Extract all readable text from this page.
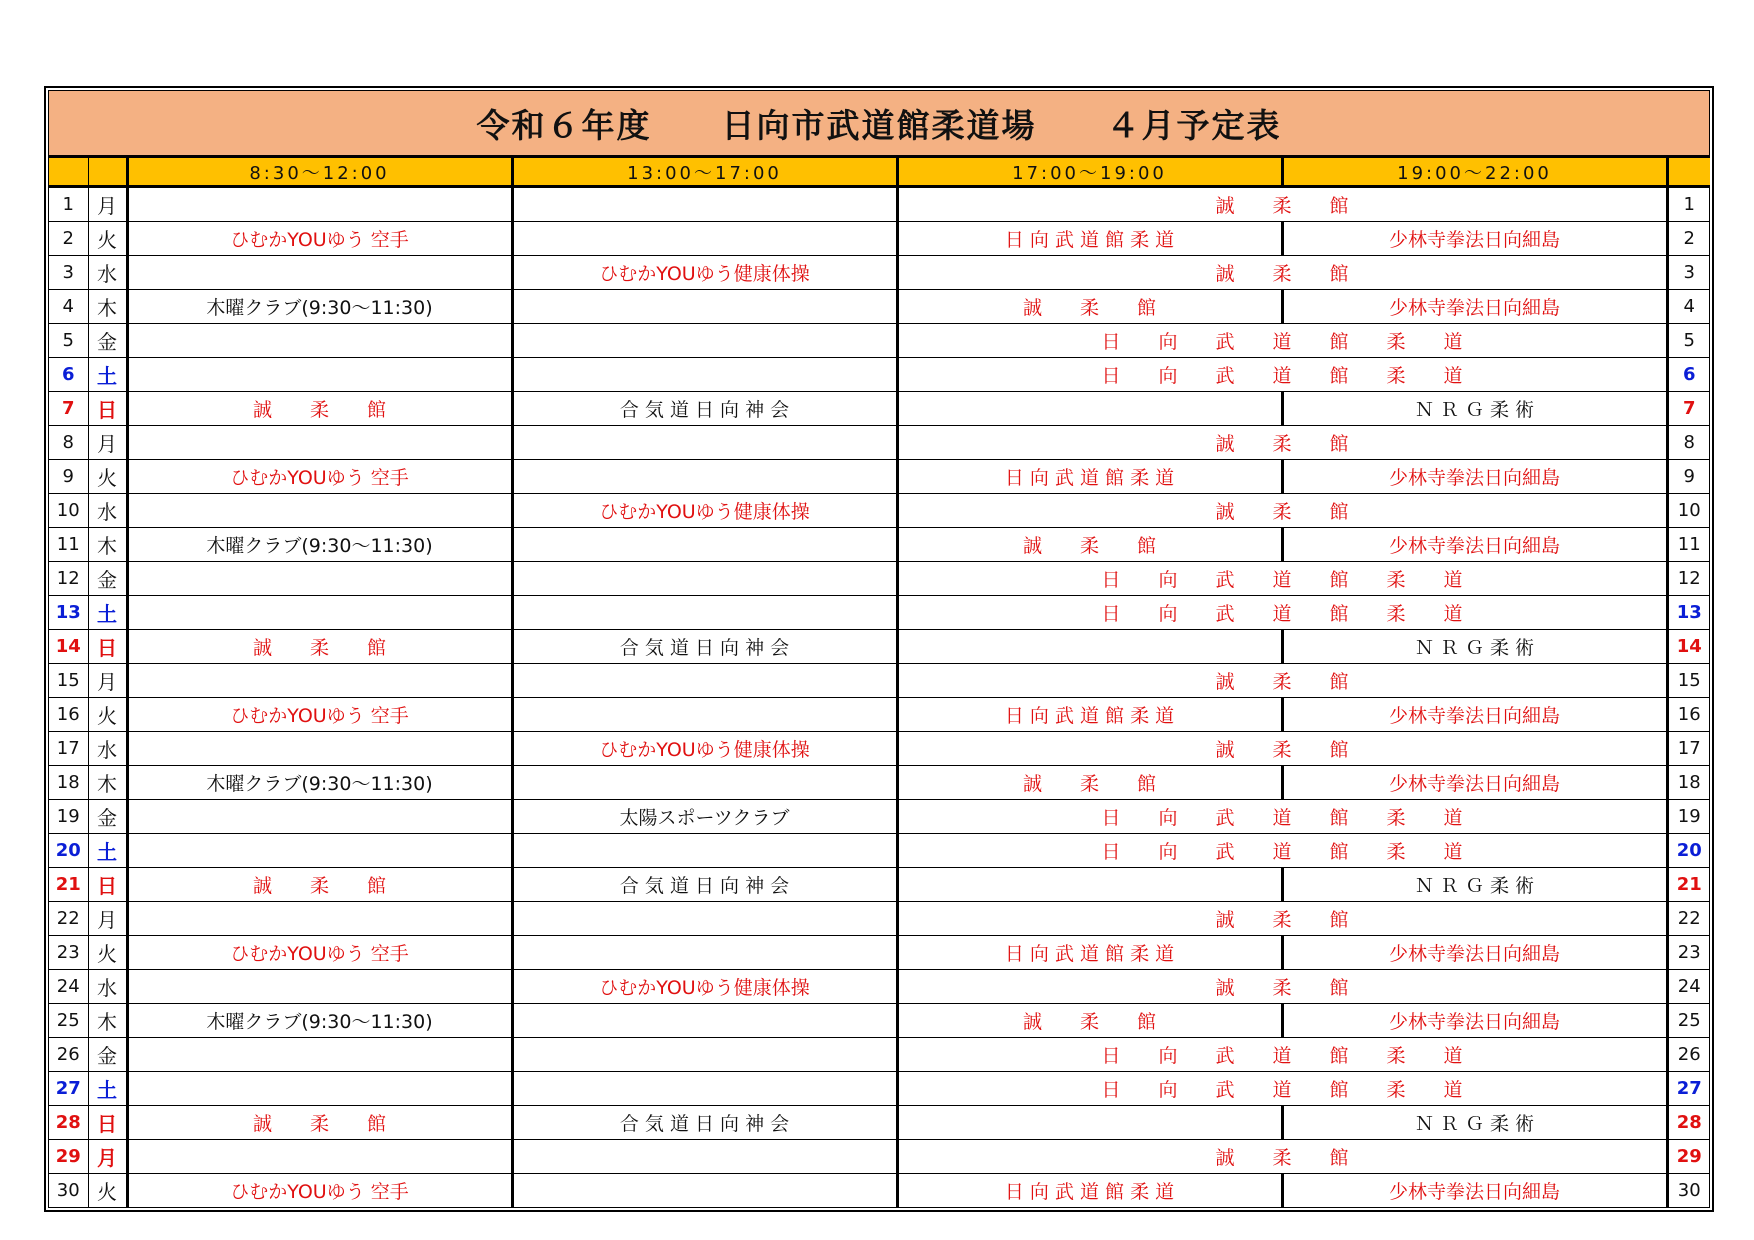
令和６年度　　日向市武道館柔道場　　４月予定表
		8:30～12:00	13:00～17:00	17:00～19:00	19:00～22:00	
1	月			誠　　柔　　館		1
2	火	ひむかYOUゆう 空手		日 向 武 道 館 柔 道	少林寺拳法日向細島	2
3	水		ひむかYOUゆう健康体操	誠　　柔　　館		3
4	木	木曜クラブ(9:30～11:30)		誠　　柔　　館	少林寺拳法日向細島	4
5	金			日　　向　　武　　道　　館　　柔　　道		5
6	土			日　　向　　武　　道　　館　　柔　　道		6
7	日	誠　　柔　　館	合 気 道 日 向 神 会		Ｎ Ｒ Ｇ 柔 術	7
8	月			誠　　柔　　館		8
9	火	ひむかYOUゆう 空手		日 向 武 道 館 柔 道	少林寺拳法日向細島	9
10	水		ひむかYOUゆう健康体操	誠　　柔　　館		10
11	木	木曜クラブ(9:30～11:30)		誠　　柔　　館	少林寺拳法日向細島	11
12	金			日　　向　　武　　道　　館　　柔　　道		12
13	土			日　　向　　武　　道　　館　　柔　　道		13
14	日	誠　　柔　　館	合 気 道 日 向 神 会		Ｎ Ｒ Ｇ 柔 術	14
15	月			誠　　柔　　館		15
16	火	ひむかYOUゆう 空手		日 向 武 道 館 柔 道	少林寺拳法日向細島	16
17	水		ひむかYOUゆう健康体操	誠　　柔　　館		17
18	木	木曜クラブ(9:30～11:30)		誠　　柔　　館	少林寺拳法日向細島	18
19	金		太陽スポーツクラブ	日　　向　　武　　道　　館　　柔　　道		19
20	土			日　　向　　武　　道　　館　　柔　　道		20
21	日	誠　　柔　　館	合 気 道 日 向 神 会		Ｎ Ｒ Ｇ 柔 術	21
22	月			誠　　柔　　館		22
23	火	ひむかYOUゆう 空手		日 向 武 道 館 柔 道	少林寺拳法日向細島	23
24	水		ひむかYOUゆう健康体操	誠　　柔　　館		24
25	木	木曜クラブ(9:30～11:30)		誠　　柔　　館	少林寺拳法日向細島	25
26	金			日　　向　　武　　道　　館　　柔　　道		26
27	土			日　　向　　武　　道　　館　　柔　　道		27
28	日	誠　　柔　　館	合 気 道 日 向 神 会		Ｎ Ｒ Ｇ 柔 術	28
29	月			誠　　柔　　館		29
30	火	ひむかYOUゆう 空手		日 向 武 道 館 柔 道	少林寺拳法日向細島	30
